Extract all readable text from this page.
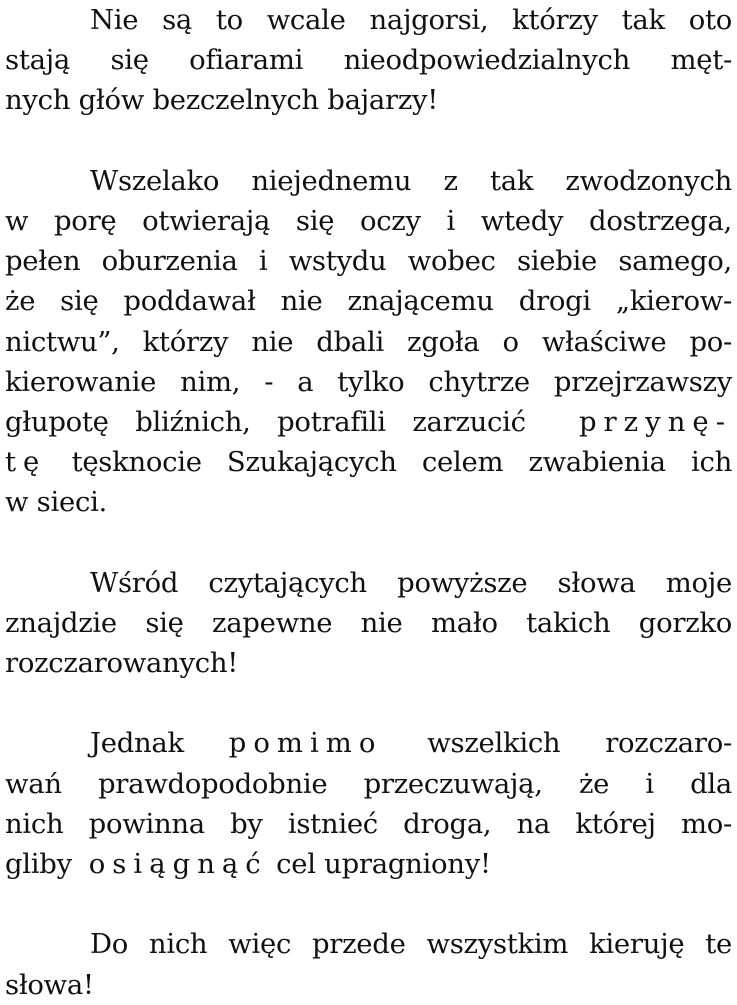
Nie są to wcale najgorsi, którzy tak oto
stają się ofiarami nieodpowiedzialnych męt-
nych głów bezczelnych bajarzy!
Wszelako niejednemu z tak zwodzonych
w porę otwierają się oczy i wtedy dostrzega,
pełen oburzenia i wstydu wobec siebie samego,
że się poddawał nie znającemu drogi „kierow-
nictwu”, którzy nie dbali zgoła o właściwe po-
kierowanie nim, - a tylko chytrze przejrzawszy
głupotę bliźnich, potrafili zarzucić przynę-
tę tęsknocie Szukających celem zwabienia ich
w sieci.
Wśród czytających powyższe słowa moje
znajdzie się zapewne nie mało takich gorzko
rozczarowanych!
Jednak pomimo wszelkich rozczaro-
wań prawdopodobnie przeczuwają, że i dla
nich powinna by istnieć droga, na której mo-
gliby osiągnąć cel upragniony!
Do nich więc przede wszystkim kieruję te
słowa!
